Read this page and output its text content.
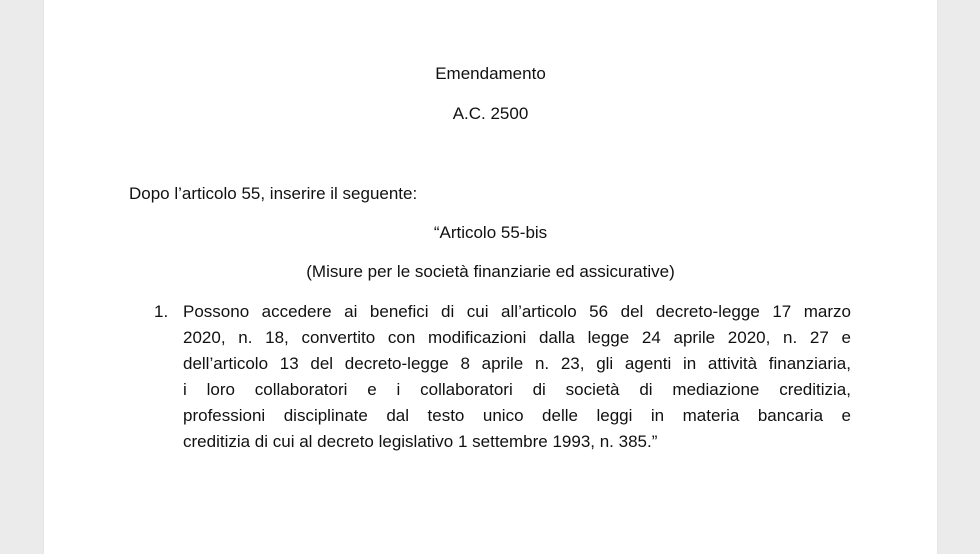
Emendamento
A.C. 2500
Dopo l’articolo 55, inserire il seguente:
“Articolo 55-bis
(Misure per le società finanziarie ed assicurative)
1. Possono accedere ai benefici di cui all’articolo 56 del decreto-legge 17 marzo
2020, n. 18, convertito con modificazioni dalla legge 24 aprile 2020, n. 27 e
dell’articolo 13 del decreto-legge 8 aprile n. 23, gli agenti in attività finanziaria,
i loro collaboratori e i collaboratori di società di mediazione creditizia,
professioni disciplinate dal testo unico delle leggi in materia bancaria e
creditizia di cui al decreto legislativo 1 settembre 1993, n. 385.”
